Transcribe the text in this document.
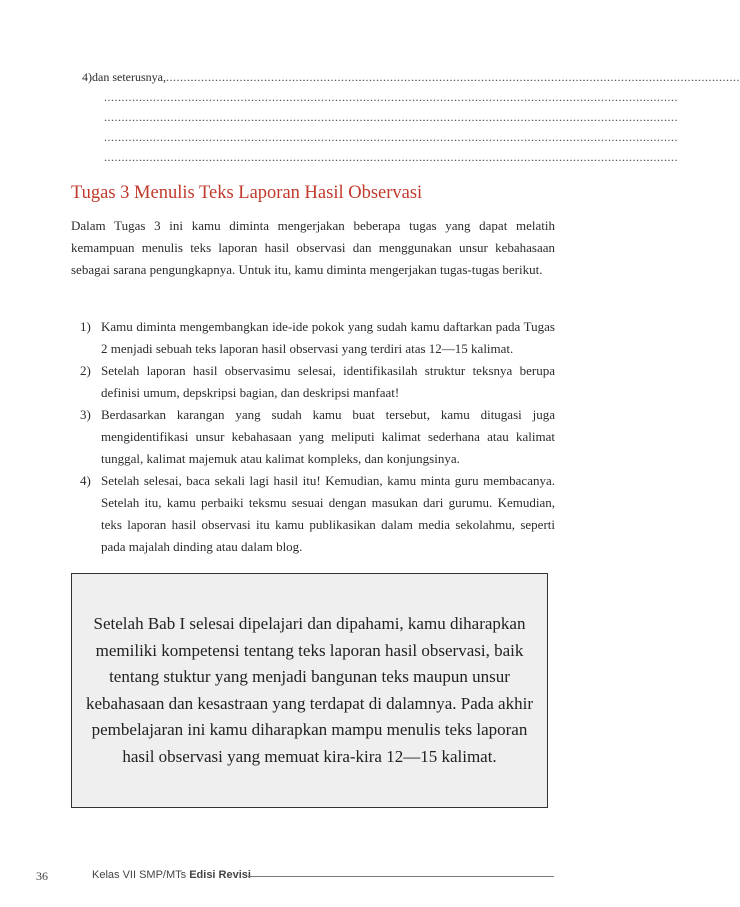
4) dan seterusnya, ....................................................................................................................................................................
....................................................................................................................................................................
....................................................................................................................................................................
....................................................................................................................................................................
....................................................................................................................................................................
Tugas 3 Menulis Teks Laporan Hasil Observasi

Dalam Tugas 3 ini kamu diminta mengerjakan beberapa tugas yang dapat melatih kemampuan menulis teks laporan hasil observasi dan menggunakan unsur kebahasaan sebagai sarana pengungkapnya. Untuk itu, kamu diminta mengerjakan tugas-tugas berikut.

1) Kamu diminta mengembangkan ide-ide pokok yang sudah kamu daftarkan pada Tugas 2 menjadi sebuah teks laporan hasil observasi yang terdiri atas 12—15 kalimat.
2) Setelah laporan hasil observasimu selesai, identifikasilah struktur teksnya berupa definisi umum, depskripsi bagian, dan deskripsi manfaat!
3) Berdasarkan karangan yang sudah kamu buat tersebut, kamu ditugasi juga mengidentifikasi unsur kebahasaan yang meliputi kalimat sederhana atau kalimat tunggal, kalimat majemuk atau kalimat kompleks, dan konjungsinya.
4) Setelah selesai, baca sekali lagi hasil itu! Kemudian, kamu minta guru membacanya. Setelah itu, kamu perbaiki teksmu sesuai dengan masukan dari gurumu. Kemudian, teks laporan hasil observasi itu kamu publikasikan dalam media sekolahmu, seperti pada majalah dinding atau dalam blog.

Setelah Bab I selesai dipelajari dan dipahami, kamu diharapkan memiliki kompetensi tentang teks laporan hasil observasi, baik tentang stuktur yang menjadi bangunan teks maupun unsur kebahasaan dan kesastraan yang terdapat di dalamnya. Pada akhir pembelajaran ini kamu diharapkan mampu menulis teks laporan hasil observasi yang memuat kira-kira 12—15 kalimat.

36	Kelas VII SMP/MTs Edisi Revisi
